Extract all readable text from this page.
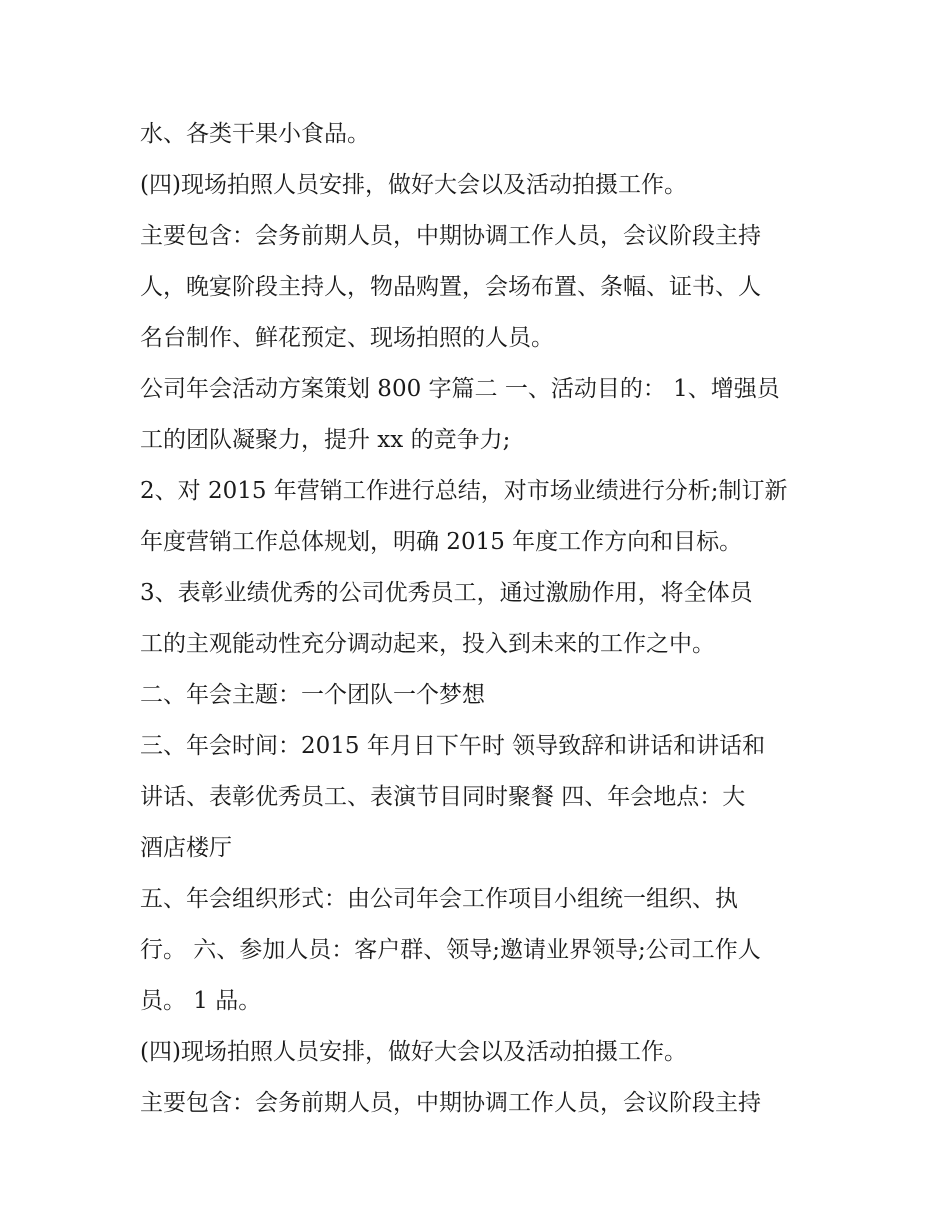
水、各类干果小食品。
(四)现场拍照人员安排，做好大会以及活动拍摄工作。
主要包含：会务前期人员，中期协调工作人员，会议阶段主持
人，晚宴阶段主持人，物品购置，会场布置、条幅、证书、人
名台制作、鲜花预定、现场拍照的人员。
公司年会活动方案策划 800 字篇二 一、活动目的： 1、增强员
工的团队凝聚力，提升 xx 的竞争力;
2、对 2015 年营销工作进行总结，对市场业绩进行分析;制订新
年度营销工作总体规划，明确 2015 年度工作方向和目标。
3、表彰业绩优秀的公司优秀员工，通过激励作用，将全体员
工的主观能动性充分调动起来，投入到未来的工作之中。
二、年会主题：一个团队一个梦想
三、年会时间：2015 年月日下午时 领导致辞和讲话和讲话和
讲话、表彰优秀员工、表演节目同时聚餐 四、年会地点：大
酒店楼厅
五、年会组织形式：由公司年会工作项目小组统一组织、执
行。 六、参加人员：客户群、领导;邀请业界领导;公司工作人
员。 1 品。
(四)现场拍照人员安排，做好大会以及活动拍摄工作。
主要包含：会务前期人员，中期协调工作人员，会议阶段主持
